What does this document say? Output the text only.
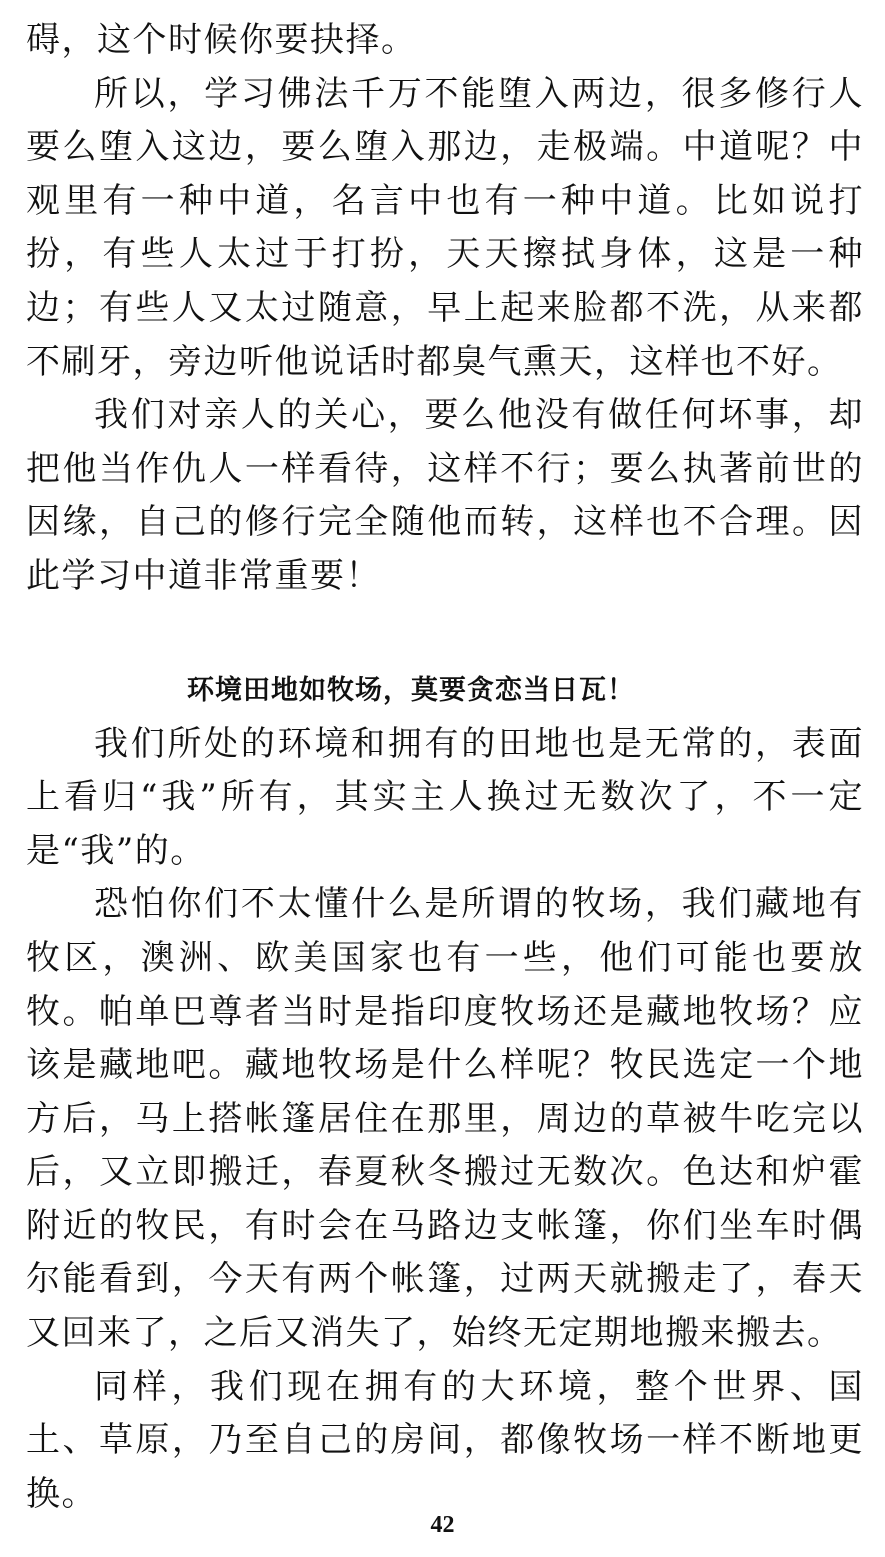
碍，这个时候你要抉择。

所以，学习佛法千万不能堕入两边，很多修行人要么堕入这边，要么堕入那边，走极端。中道呢？中观里有一种中道，名言中也有一种中道。比如说打扮，有些人太过于打扮，天天擦拭身体，这是一种边；有些人又太过随意，早上起来脸都不洗，从来都不刷牙，旁边听他说话时都臭气熏天，这样也不好。

我们对亲人的关心，要么他没有做任何坏事，却把他当作仇人一样看待，这样不行；要么执著前世的因缘，自己的修行完全随他而转，这样也不合理。因此学习中道非常重要！

环境田地如牧场，莫要贪恋当日瓦！

我们所处的环境和拥有的田地也是无常的，表面上看归“我”所有，其实主人换过无数次了，不一定是“我”的。

恐怕你们不太懂什么是所谓的牧场，我们藏地有牧区，澳洲、欧美国家也有一些，他们可能也要放牧。帕单巴尊者当时是指印度牧场还是藏地牧场？应该是藏地吧。藏地牧场是什么样呢？牧民选定一个地方后，马上搭帐篷居住在那里，周边的草被牛吃完以后，又立即搬迁，春夏秋冬搬过无数次。色达和炉霍附近的牧民，有时会在马路边支帐篷，你们坐车时偶尔能看到，今天有两个帐篷，过两天就搬走了，春天又回来了，之后又消失了，始终无定期地搬来搬去。

同样，我们现在拥有的大环境，整个世界、国土、草原，乃至自己的房间，都像牧场一样不断地更换。

42
